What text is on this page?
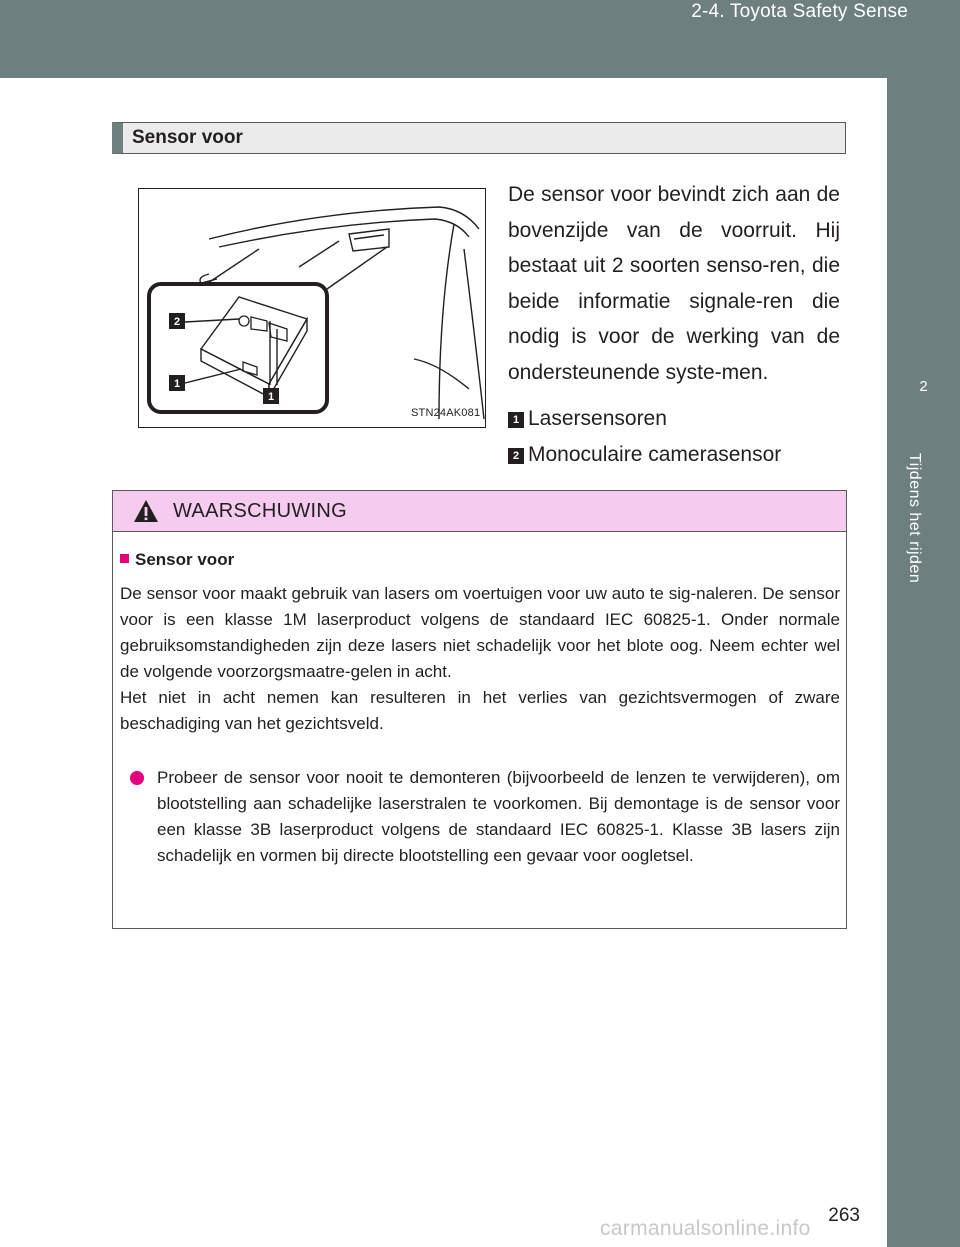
2-4. Toyota Safety Sense
2
Tijdens het rijden
Sensor voor
2
1
1
STN24AK081
De sensor voor bevindt zich aan de bovenzijde van de voorruit. Hij bestaat uit 2 soorten senso-ren, die beide informatie signale-ren die nodig is voor de werking van de ondersteunende syste-men.
1 Lasersensoren
2 Monoculaire camerasensor
WAARSCHUWING
Sensor voor
De sensor voor maakt gebruik van lasers om voertuigen voor uw auto te sig-naleren. De sensor voor is een klasse 1M laserproduct volgens de standaard IEC 60825-1. Onder normale gebruiksomstandigheden zijn deze lasers niet schadelijk voor het blote oog. Neem echter wel de volgende voorzorgsmaatre-gelen in acht.
Het niet in acht nemen kan resulteren in het verlies van gezichtsvermogen of zware beschadiging van het gezichtsveld.
Probeer de sensor voor nooit te demonteren (bijvoorbeeld de lenzen te verwijderen), om blootstelling aan schadelijke laserstralen te voorkomen. Bij demontage is de sensor voor een klasse 3B laserproduct volgens de standaard IEC 60825-1. Klasse 3B lasers zijn schadelijk en vormen bij directe blootstelling een gevaar voor oogletsel.
263
carmanualsonline.info
